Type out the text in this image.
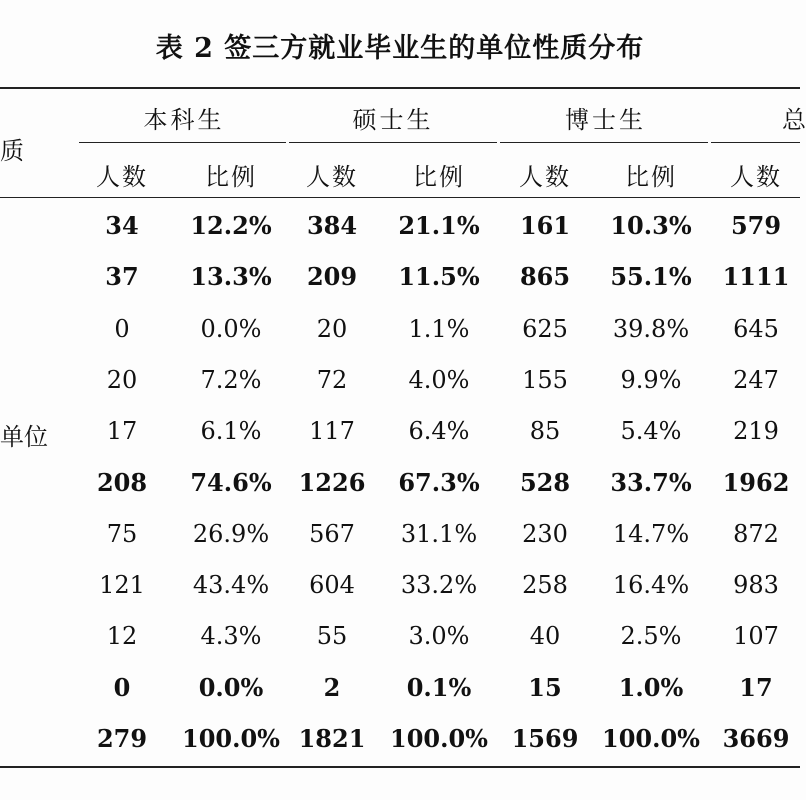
表 2 签三方就业毕业生的单位性质分布
质
本科生	硕士生	博士生	总
人数	比例	人数	比例	人数	比例	人数
单位
34	12.2%	384	21.1%	161	10.3%	579
37	13.3%	209	11.5%	865	55.1%	1111
0	0.0%	20	1.1%	625	39.8%	645
20	7.2%	72	4.0%	155	9.9%	247
17	6.1%	117	6.4%	85	5.4%	219
208	74.6%	1226	67.3%	528	33.7%	1962
75	26.9%	567	31.1%	230	14.7%	872
121	43.4%	604	33.2%	258	16.4%	983
12	4.3%	55	3.0%	40	2.5%	107
0	0.0%	2	0.1%	15	1.0%	17
279	100.0% 1821 100.0% 1569 100.0% 3669
